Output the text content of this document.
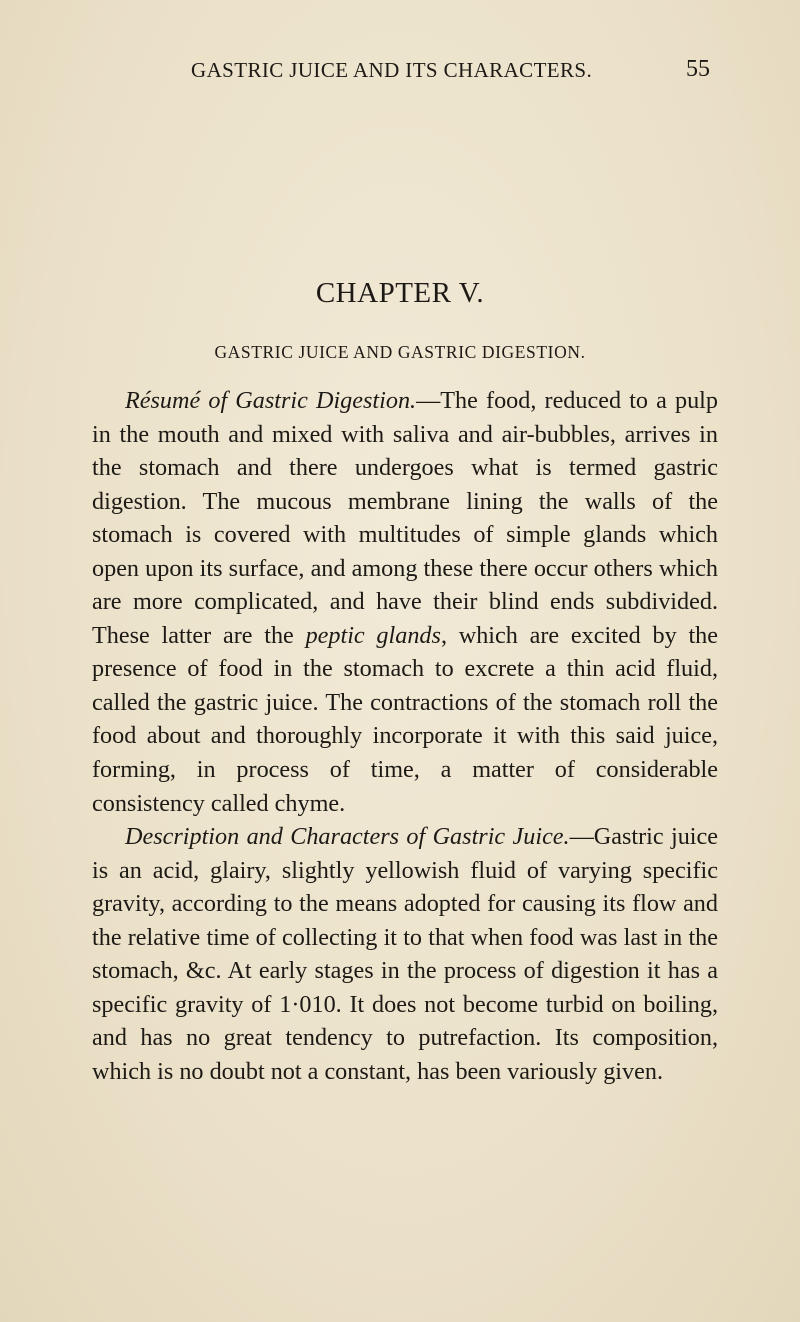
GASTRIC JUICE AND ITS CHARACTERS.	55
CHAPTER V.
GASTRIC JUICE AND GASTRIC DIGESTION.

Résumé of Gastric Digestion.—The food, reduced to a pulp in the mouth and mixed with saliva and air-bubbles, arrives in the stomach and there undergoes what is termed gastric digestion. The mucous membrane lining the walls of the stomach is covered with multitudes of simple glands which open upon its surface, and among these there occur others which are more complicated, and have their blind ends subdivided. These latter are the peptic glands, which are excited by the presence of food in the stomach to excrete a thin acid fluid, called the gastric juice. The contractions of the stomach roll the food about and thoroughly incorporate it with this said juice, forming, in process of time, a matter of considerable consistency called chyme.

Description and Characters of Gastric Juice.—Gastric juice is an acid, glairy, slightly yellowish fluid of varying specific gravity, according to the means adopted for causing its flow and the relative time of collecting it to that when food was last in the stomach, &c. At early stages in the process of digestion it has a specific gravity of 1·010. It does not become turbid on boiling, and has no great tendency to putrefaction. Its composition, which is no doubt not a constant, has been variously given.
